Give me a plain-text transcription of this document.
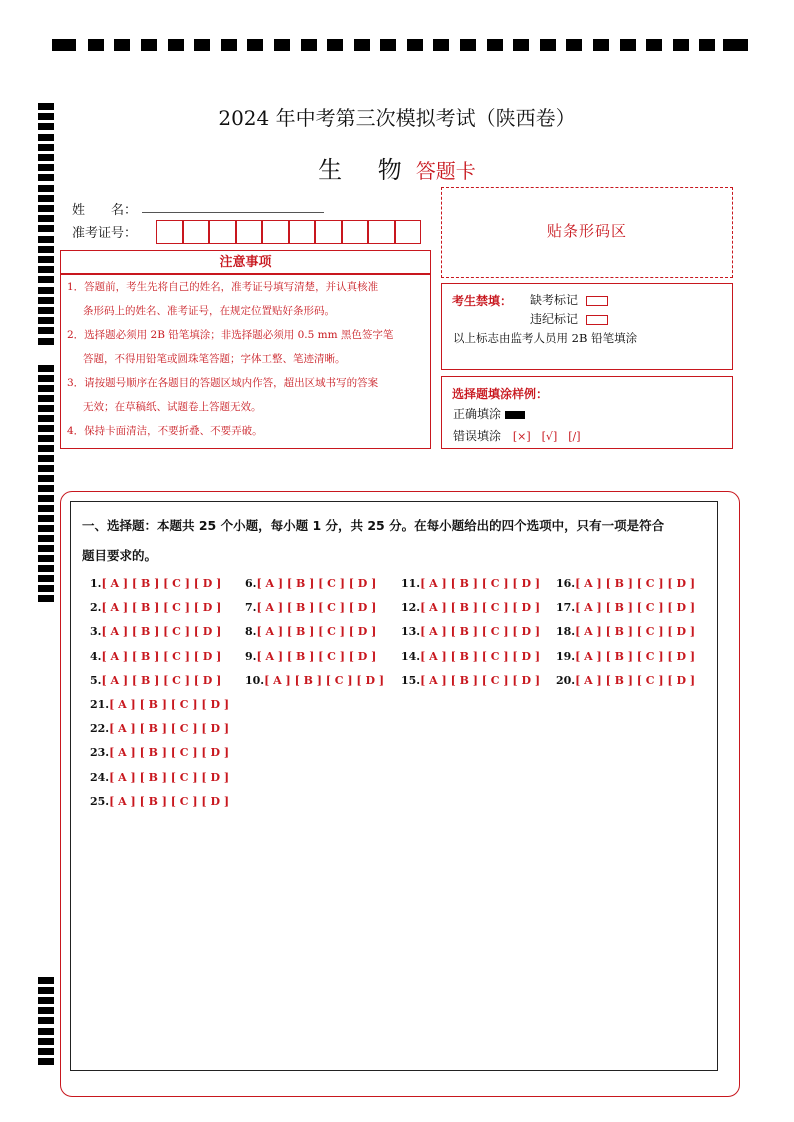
2024 年中考第三次模拟考试（陕西卷）
生 物答题卡
姓　　名：
准考证号：	贴条形码区
注意事项
1．答题前，考生先将自己的姓名，准考证号填写清楚，并认真核准
条形码上的姓名、准考证号，在规定位置贴好条形码。
2．选择题必须用 2B 铅笔填涂；非选择题必须用 0.5 mm 黑色签字笔
答题，不得用铅笔或圆珠笔答题；字体工整、笔迹清晰。
3．请按题号顺序在各题目的答题区域内作答，超出区域书写的答案
无效；在草稿纸、试题卷上答题无效。
4．保持卡面清洁，不要折叠、不要弄破。
考生禁填： 缺考标记
违纪标记
以上标志由监考人员用 2B 铅笔填涂
选择题填涂样例：
正确填涂
错误填涂 [×]　[√]　[/]
一、选择题：本题共 25 个小题，每小题 1 分，共 25 分。在每小题给出的四个选项中，只有一项是符合
题目要求的。
1.[ A ] [ B ] [ C ] [ D ]
2.[ A ] [ B ] [ C ] [ D ]
3.[ A ] [ B ] [ C ] [ D ]
4.[ A ] [ B ] [ C ] [ D ]
5.[ A ] [ B ] [ C ] [ D ]
6.[ A ] [ B ] [ C ] [ D ]
7.[ A ] [ B ] [ C ] [ D ]
8.[ A ] [ B ] [ C ] [ D ]
9.[ A ] [ B ] [ C ] [ D ]
10.[ A ] [ B ] [ C ] [ D ]
11.[ A ] [ B ] [ C ] [ D ]
12.[ A ] [ B ] [ C ] [ D ]
13.[ A ] [ B ] [ C ] [ D ]
14.[ A ] [ B ] [ C ] [ D ]
15.[ A ] [ B ] [ C ] [ D ]
16.[ A ] [ B ] [ C ] [ D ]
17.[ A ] [ B ] [ C ] [ D ]
18.[ A ] [ B ] [ C ] [ D ]
19.[ A ] [ B ] [ C ] [ D ]
20.[ A ] [ B ] [ C ] [ D ]
21.[ A ] [ B ] [ C ] [ D ]
22.[ A ] [ B ] [ C ] [ D ]
23.[ A ] [ B ] [ C ] [ D ]
24.[ A ] [ B ] [ C ] [ D ]
25.[ A ] [ B ] [ C ] [ D ]
